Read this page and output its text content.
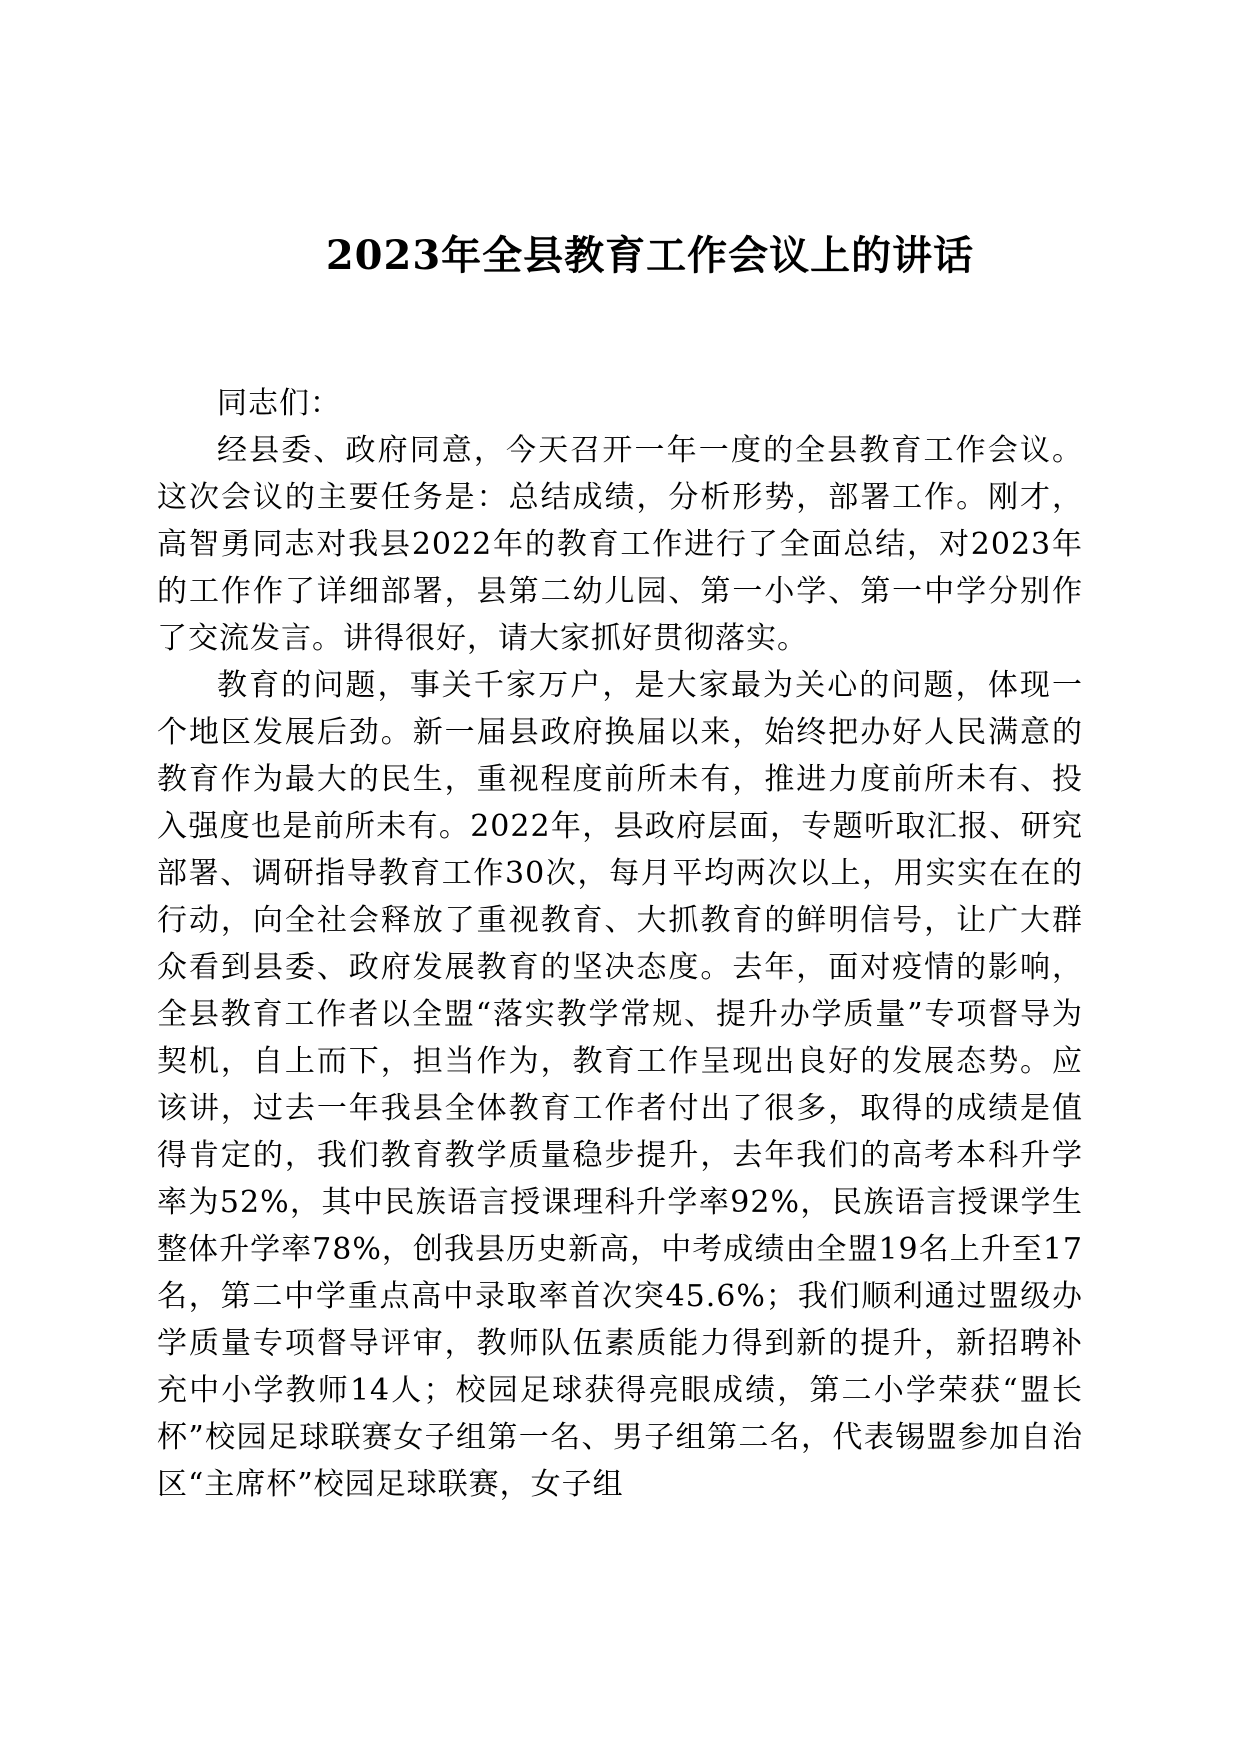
2023年全县教育工作会议上的讲话

同志们：

经县委、政府同意，今天召开一年一度的全县教育工作会议。这次会议的主要任务是：总结成绩，分析形势，部署工作。刚才，高智勇同志对我县2022年的教育工作进行了全面总结，对2023年的工作作了详细部署，县第二幼儿园、第一小学、第一中学分别作了交流发言。讲得很好，请大家抓好贯彻落实。

教育的问题，事关千家万户，是大家最为关心的问题，体现一个地区发展后劲。新一届县政府换届以来，始终把办好人民满意的教育作为最大的民生，重视程度前所未有，推进力度前所未有、投入强度也是前所未有。2022年，县政府层面，专题听取汇报、研究部署、调研指导教育工作30次，每月平均两次以上，用实实在在的行动，向全社会释放了重视教育、大抓教育的鲜明信号，让广大群众看到县委、政府发展教育的坚决态度。去年，面对疫情的影响，全县教育工作者以全盟“落实教学常规、提升办学质量”专项督导为契机，自上而下，担当作为，教育工作呈现出良好的发展态势。应该讲，过去一年我县全体教育工作者付出了很多，取得的成绩是值得肯定的，我们教育教学质量稳步提升，去年我们的高考本科升学率为52%，其中民族语言授课理科升学率92%，民族语言授课学生整体升学率78%，创我县历史新高，中考成绩由全盟19名上升至17名，第二中学重点高中录取率首次突45.6%；我们顺利通过盟级办学质量专项督导评审，教师队伍素质能力得到新的提升，新招聘补充中小学教师14人；校园足球获得亮眼成绩，第二小学荣获“盟长杯”校园足球联赛女子组第一名、男子组第二名，代表锡盟参加自治区“主席杯”校园足球联赛，女子组
